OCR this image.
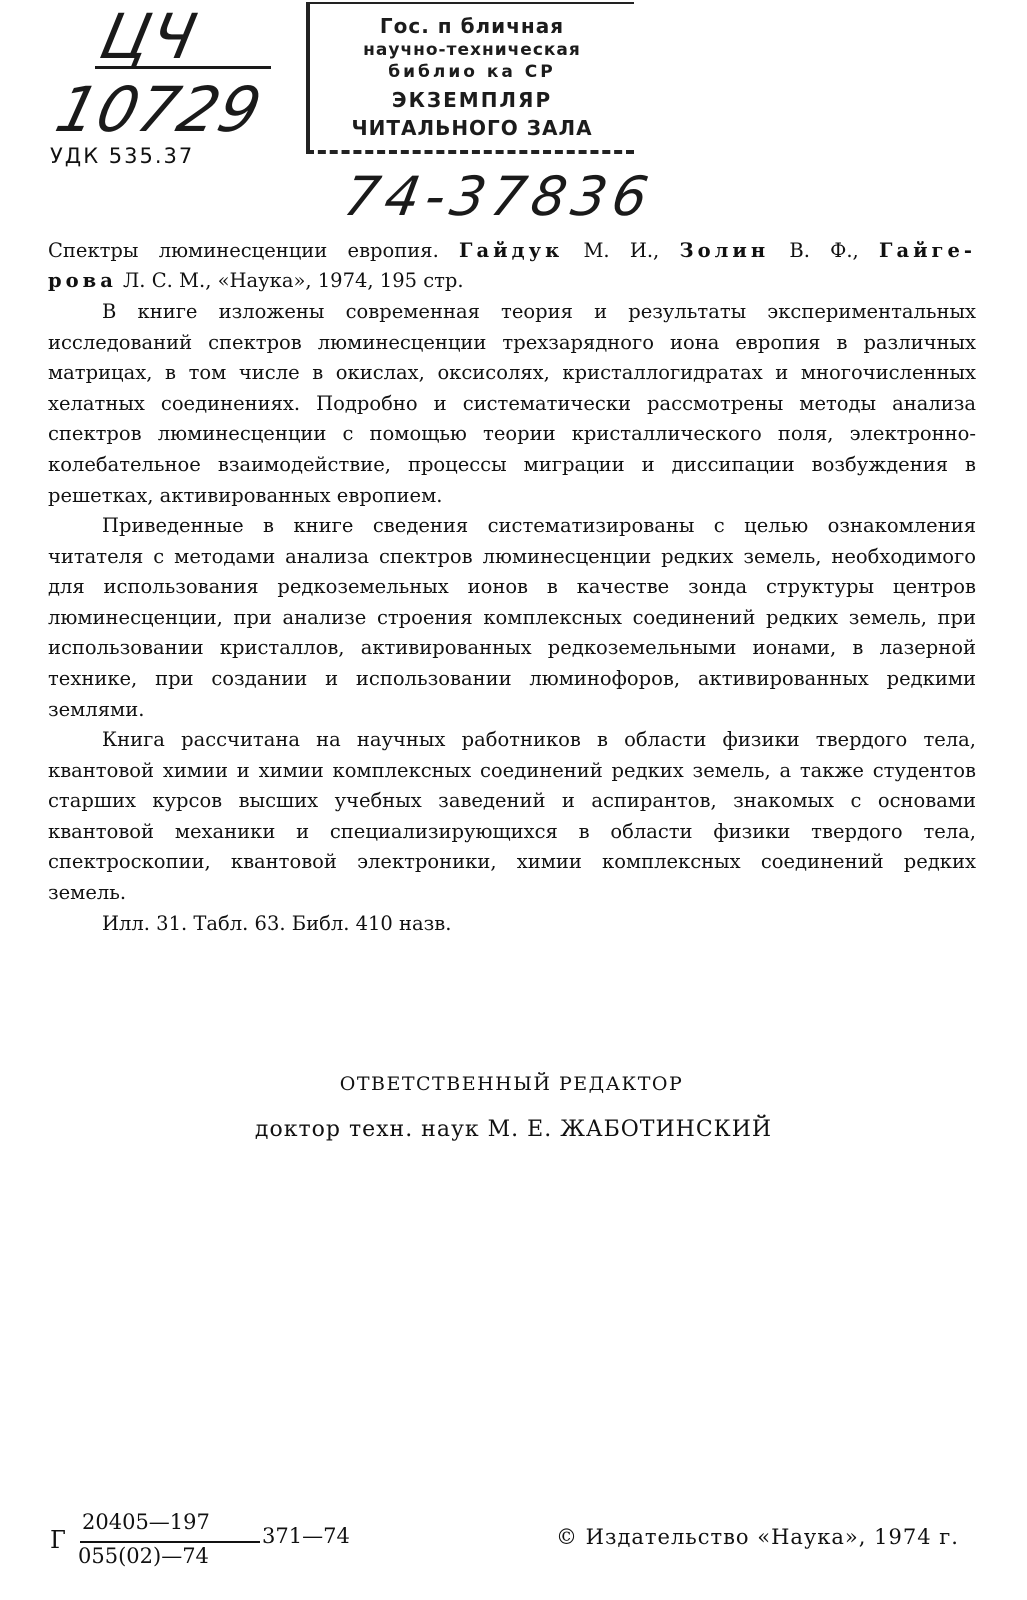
ЦЧ
10729
УДК 535.37
Гос. п бличная
научно-техническая
библио ка СР
ЭКЗЕМПЛЯР
ЧИТАЛЬНОГО ЗАЛА
74-37836
Спектры люминесценции европия. Гайдук М. И., Золин В. Ф., Гайге-
рова Л. С. М., «Наука», 1974, 195 стр.

В книге изложены современная теория и результаты экспериментальных исследований спектров люминесценции трехзарядного иона европия в различных матрицах, в том числе в окислах, оксисолях, кристаллогидратах и многочисленных хелатных соединениях. Подробно и систематически рассмотрены методы анализа спектров люминесценции с помощью теории кристаллического поля, электронно-колебательное взаимодействие, процессы миграции и диссипации возбуждения в решетках, активированных европием.

Приведенные в книге сведения систематизированы с целью ознакомления читателя с методами анализа спектров люминесценции редких земель, необходимого для использования редкоземельных ионов в качестве зонда структуры центров люминесценции, при анализе строения комплексных соединений редких земель, при использовании кристаллов, активированных редкоземельными ионами, в лазерной технике, при создании и использовании люминофоров, активированных редкими землями.

Книга рассчитана на научных работников в области физики твердого тела, квантовой химии и химии комплексных соединений редких земель, а также студентов старших курсов высших учебных заведений и аспирантов, знакомых с основами квантовой механики и специализирующихся в области физики твердого тела, спектроскопии, квантовой электроники, химии комплексных соединений редких земель.

Илл. 31. Табл. 63. Библ. 410 назв.

ОТВЕТСТВЕННЫЙ РЕДАКТОР
доктор техн. наук М. Е. ЖАБОТИНСКИЙ
Г
20405—197
055(02)—74
371—74	© Издательство «Наука», 1974 г.
